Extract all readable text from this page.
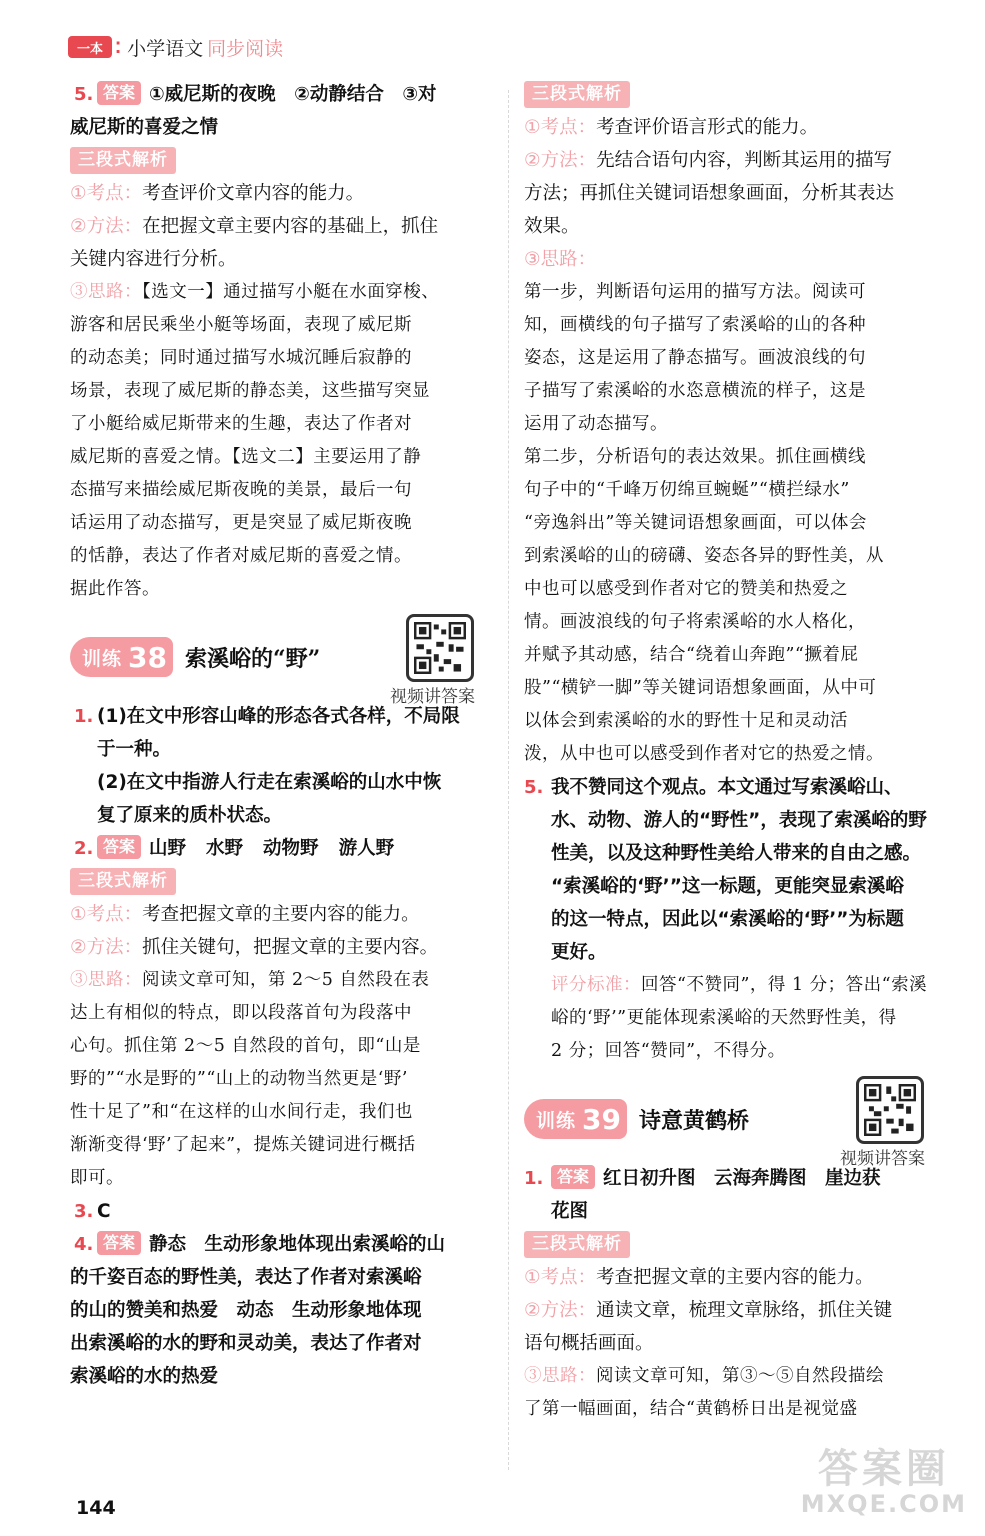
一本 ⁚ 小学语文 同步阅读
5. 答案 ①威尼斯的夜晚　②动静结合　③对
威尼斯的喜爱之情
三段式解析
①考点：考查评价文章内容的能力。
②方法：在把握文章主要内容的基础上，抓住
关键内容进行分析。
③思路：【选文一】通过描写小艇在水面穿梭、
游客和居民乘坐小艇等场面，表现了威尼斯
的动态美；同时通过描写水城沉睡后寂静的
场景，表现了威尼斯的静态美，这些描写突显
了小艇给威尼斯带来的生趣，表达了作者对
威尼斯的喜爱之情。【选文二】主要运用了静
态描写来描绘威尼斯夜晚的美景，最后一句
话运用了动态描写，更是突显了威尼斯夜晚
的恬静，表达了作者对威尼斯的喜爱之情。
据此作答。
训练 38 索溪峪的“野”
视频讲答案
1. (1)在文中形容山峰的形态各式各样，不局限
于一种。
(2)在文中指游人行走在索溪峪的山水中恢
复了原来的质朴状态。
2. 答案 山野 水野 动物野 游人野
三段式解析
①考点：考查把握文章的主要内容的能力。
②方法：抓住关键句，把握文章的主要内容。
③思路：阅读文章可知，第 2～5 自然段在表
达上有相似的特点，即以段落首句为段落中
心句。抓住第 2～5 自然段的首句，即“山是
野的”“水是野的”“山上的动物当然更是‘野’
性十足了”和“在这样的山水间行走，我们也
渐渐变得‘野’了起来”，提炼关键词进行概括
即可。
3. C
4. 答案 静态　生动形象地体现出索溪峪的山
的千姿百态的野性美，表达了作者对索溪峪
的山的赞美和热爱　动态　生动形象地体现
出索溪峪的水的野和灵动美，表达了作者对
索溪峪的水的热爱
三段式解析
①考点：考查评价语言形式的能力。
②方法：先结合语句内容，判断其运用的描写
方法；再抓住关键词语想象画面，分析其表达
效果。
③思路：
第一步，判断语句运用的描写方法。阅读可
知，画横线的句子描写了索溪峪的山的各种
姿态，这是运用了静态描写。画波浪线的句
子描写了索溪峪的水恣意横流的样子，这是
运用了动态描写。
第二步，分析语句的表达效果。抓住画横线
句子中的“千峰万仞绵亘蜿蜒”“横拦绿水”
“旁逸斜出”等关键词语想象画面，可以体会
到索溪峪的山的磅礴、姿态各异的野性美，从
中也可以感受到作者对它的赞美和热爱之
情。画波浪线的句子将索溪峪的水人格化，
并赋予其动感，结合“绕着山奔跑”“撅着屁
股”“横铲一脚”等关键词语想象画面，从中可
以体会到索溪峪的水的野性十足和灵动活
泼，从中也可以感受到作者对它的热爱之情。
5. 我不赞同这个观点。本文通过写索溪峪山、
水、动物、游人的“野性”，表现了索溪峪的野
性美，以及这种野性美给人带来的自由之感。
“索溪峪的‘野’”这一标题，更能突显索溪峪
的这一特点，因此以“索溪峪的‘野’”为标题
更好。
评分标准：回答“不赞同”，得 1 分；答出“索溪
峪的‘野’”更能体现索溪峪的天然野性美，得
2 分；回答“赞同”，不得分。
训练 39 诗意黄鹤桥
视频讲答案
1. 答案 红日初升图　云海奔腾图　崖边获
花图
三段式解析
①考点：考查把握文章的主要内容的能力。
②方法：通读文章，梳理文章脉络，抓住关键
语句概括画面。
③思路：阅读文章可知，第③～⑤自然段描绘
了第一幅画面，结合“黄鹤桥日出是视觉盛
144
答案圈
MXQE.COM
